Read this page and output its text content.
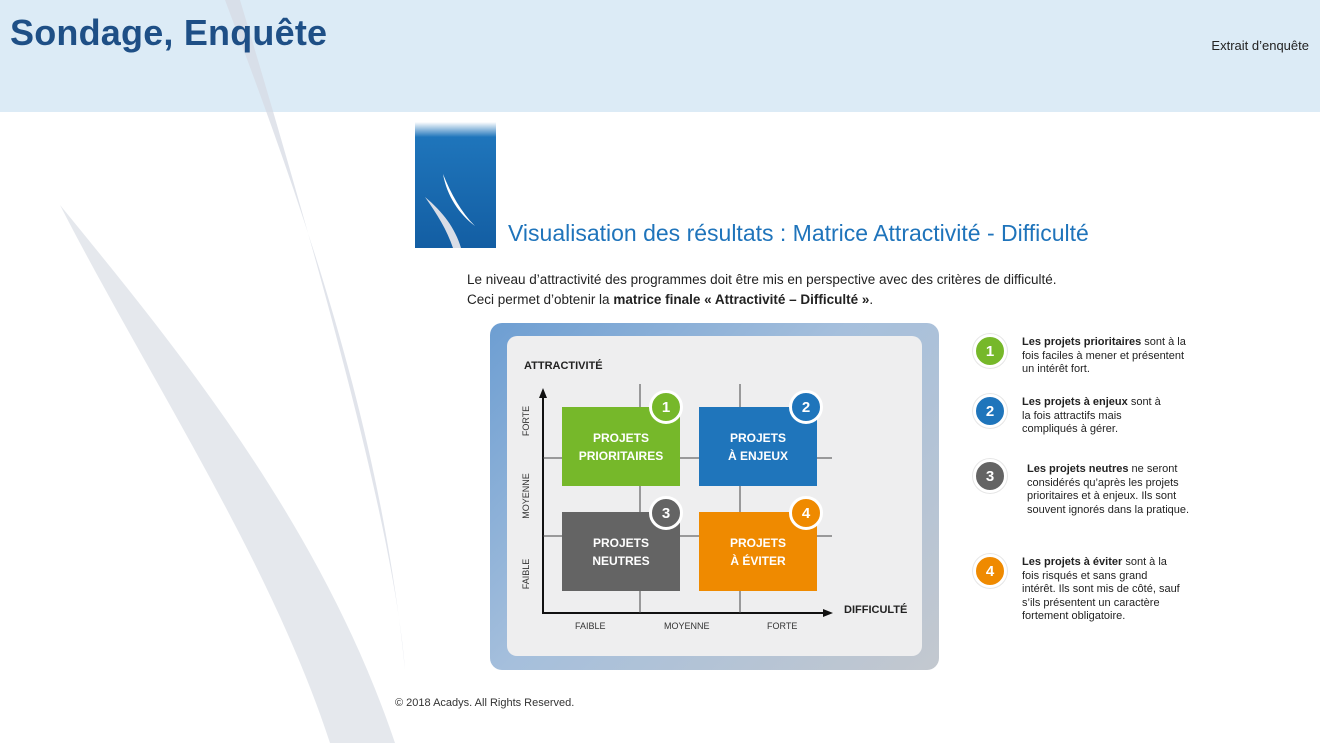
Sondage, Enquête	Extrait d’enquête
Visualisation des résultats : Matrice Attractivité - Difficulté
Le niveau d’attractivité des programmes doit être mis en perspective avec des critères de difficulté.
Ceci permet d’obtenir la matrice finale « Attractivité – Difficulté ».
ATTRACTIVITÉ
DIFFICULTÉ
FORTE
MOYENNE
FAIBLE
FAIBLE	MOYENNE	FORTE
PROJETS
PRIORITAIRES
1
PROJETS
À ENJEUX
2
PROJETS
NEUTRES
3
PROJETS
À ÉVITER
4
1
Les projets prioritaires sont à la fois faciles à mener et présentent un intérêt fort.
2
Les projets à enjeux sont à la fois attractifs mais compliqués à gérer.
3	Les projets neutres ne seront considérés qu’après les projets prioritaires et à enjeux. Ils sont souvent ignorés dans la pratique.
4
Les projets à éviter sont à la fois risqués et sans grand intérêt. Ils sont mis de côté, sauf s’ils présentent un caractère fortement obligatoire.
© 2018 Acadys. All Rights Reserved.
